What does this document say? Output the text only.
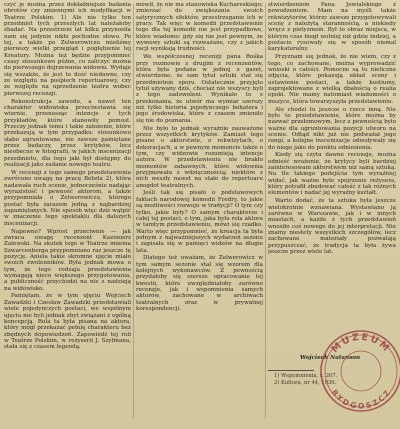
czyć je można przez dokładniejsze badania obrotów czy zmiennymi ich modyfikacji w Teatrze Polskim. 1) Ale nie tylko ten przedmiot tych przeszłych lat należałoby zbadać. Na przestrzeni lat kilku przynosiła nam się jedynie nikłe pochodne słowo. Po tej, a także po Zelwerowiczu mieliśmy pierwszy wielki przegląd i pogłębienie tej Kreatury. Można też będzie przypomnieć czasy stosunkowo późne, co zaliczyć można do pierwszego dojrzewania widowni. Wydaje się wszakże, że jest to dość niedawne, czy ze względu na pośpiech repertuarowy, czy ze względu na uprzedzenie teatru wobec pierwszej recenzji.

Rekonstrukcja zawodu, a nawet ten charakter widowiska przeciwstawia się wiernie, przenosząc intencje z tych przykładów, które stanowiły pomost. Przeczy jednak temu i takie założenie, które przekazują w tym przypadku: stosunkowo słabo ugruntowane, nie zawsze pamiętane przez badaczy, przez krytyków, lecz nieobecne w fotografii, w jakich inscenizacji przedmiotu, dla tego jaki był dostępny do realizacji jako zadanie nowego teatru.

W recenzji z tego samego przedstawienia zwrócono uwagę na pracę Behrla 2), która nadawała ruch scenie, jednocześnie nadając wyrazistość i pewność aktorom, a także przypomniała o Zelwerowiczu, którego postać była zarazem jedną z najbardziej zapamiętanych. Nie sposób więc dziś wątpić w znaczenie tego spektaklu dla dalszych inscenizacji.

Napewno? Wprost przeciwnie — jak zwraca uwagę recenzent Kazimierz Zalewski. Na skutek tego w Teatrze imienia Szwarcenberga przypomniano raz jeszcze tę pozycję. Aniela takie skromne ujęcie miało swoich zwolenników. Była jednak mowa o tym, że tego rodzaju przedstawienia wymagają nieco większego przygotowania, a publiczność przychodzi na nie z nadzieją na widowisko.

Pamiętam, że w tym ujęciu Wojciech Zawadzki i Czesław Zawadzki przedstawiali wiele pojedynczych postaci, we wspólnym ujęciu nie byli jednak zbyt związani z ogólną koncepcją. Rola ta była pisana na aktora, który mógł przekazać pełnię charakteru bez zbędnych dopowiedzeń. Zapowiedź tej roli w Teatrze Polskim, w reżyserii J. Szyfmana, stała się z czasem legendą.

mówił, że nie ma stanowiska Kuchareskiego; zmierzać do zwiększania swoich satyrycznych efektów, przestrzeganie ich w pracy. Tak więc w komedii przedstawienie tego dla tej komedii nie jest przypadkowe, które wiadomo: gdy się nie jest pewnym, że wymowy sztuki są rozważane, czy z jakich racji wynikają trudności.

We współczesnej recenzji pana Rośka przy rozmowie z drugim z recenzentów, która była podana w jednej z gazet, stwierdzono, że sam tytuł sztuki stał się przedmiotem sporu. Ostatecznie przyjęto tytuł używany dziś, chociaż nie wszyscy byli z tego zadowoleni. Wynikało to z przekonania, że utwór ma wymiar szerszy niż tylko historia pojedynczego bohatera i jego środowiska, które z czasem zmieniło się nie do poznania.

Nie było to jednak wyraźnie zauważone przez wszystkich krytyków. Zamiast tego pisano o aktorstwie, o rekwizytach, o dekoracjach, a w pewnym momencie także o tym, czy widzowie rozumieją intencje autora. W przedstawieniu nie brakło momentów zabawnych, które widownia przyjmowała z wdzięcznością; niektóre z nich weszły nawet na stałe do repertuaru anegdot teatralnych.

Jeśli tak się pisało o podstawowych faktach narodowej komedii Fredry, to jakie są możliwości rozwoju w tradycji? O tym czy tylko, jakie były? O samym charakterze i całej tej postaci, o tym, jaka była rola aktora w tamtym przedstawieniu, mówi się rzadko. Warto więc przypomnieć, że kreacja ta była jednym z najważniejszych wydarzeń sezonu i zapisała się w pamięci widzów na długie lata.

Dlatego też uważam, że Zelwerowicz w tym samym sezonie stał się wzorem dla kolejnych wykonawców. Z pewnością przydałoby się szersze opracowanie tej kwestii, które uwzględniałoby zarówno recenzje, jak i wspomnienia samych aktorów, zachowane w archiwach teatralnych oraz w prywatnej korespondencji.

stwierdzeniem Pana Jowialskiego z powodzeniem. Mam na myśli także rekwizytorów, którzy zawsze przygotowywali sceny z należytą starannością, a niekiedy wręcz z pietyzmem. Był to obraz miejsca, w którym czas biegł wolniej niż gdzie indziej, a postacie rysowały się w sposób niemal karykaturalny.

Przyznam się jednak, że nie wiem, czy z tego, co zachowane, można wyprowadzić wnioski o całości. Pomocne są tu nieliczne zdjęcia, które pokazują układ sceny i ustawienie postaci, a także kostiumy, zaprojektowane z wielką dbałością o realia epoki. Nie mamy natomiast wiadomości o muzyce, która towarzyszyła przedstawieniu.

Ale chodzi tu jeszcze o rzecz inną. Nie było to przedstawienie, które można by nazwać przełomowym, lecz z pewnością było ważne dla ugruntowania pozycji utworu na scenie. Odtąd nikt już nie podważał jego rangi, a kolejne inscenizacje odwoływały się do niego jako do punktu odniesienia.

Kiedy się czyta dawne recenzje, można odnieść wrażenie, że krytycy byli bardziej zainteresowani aktorstwem niż samą sztuką. Na tle takiego podejścia tym wyraźniej widać, jak ważne było spojrzenie reżysera, który potrafił zbudować całość z tak różnych elementów i nadać jej wyraźny kształt.

Warto dodać, że ta sztuka była jeszcze wielokrotnie wznawiana. Wystawiano ją zarówno w Warszawie, jak i w innych miastach, a każde z tych przedstawień wnosiło coś nowego do jej interpretacji. Nie znamy niestety wszystkich szczegółów, lecz zachowane materiały pozwalają przypuszczać, że tradycja ta była żywa jeszcze przez wiele lat.

Wojciech Natanson
1) Wspomnienia, s. 207.
2) Kultura, nr 44, 1930.
MUZEUM
BYDGOSZCZ
